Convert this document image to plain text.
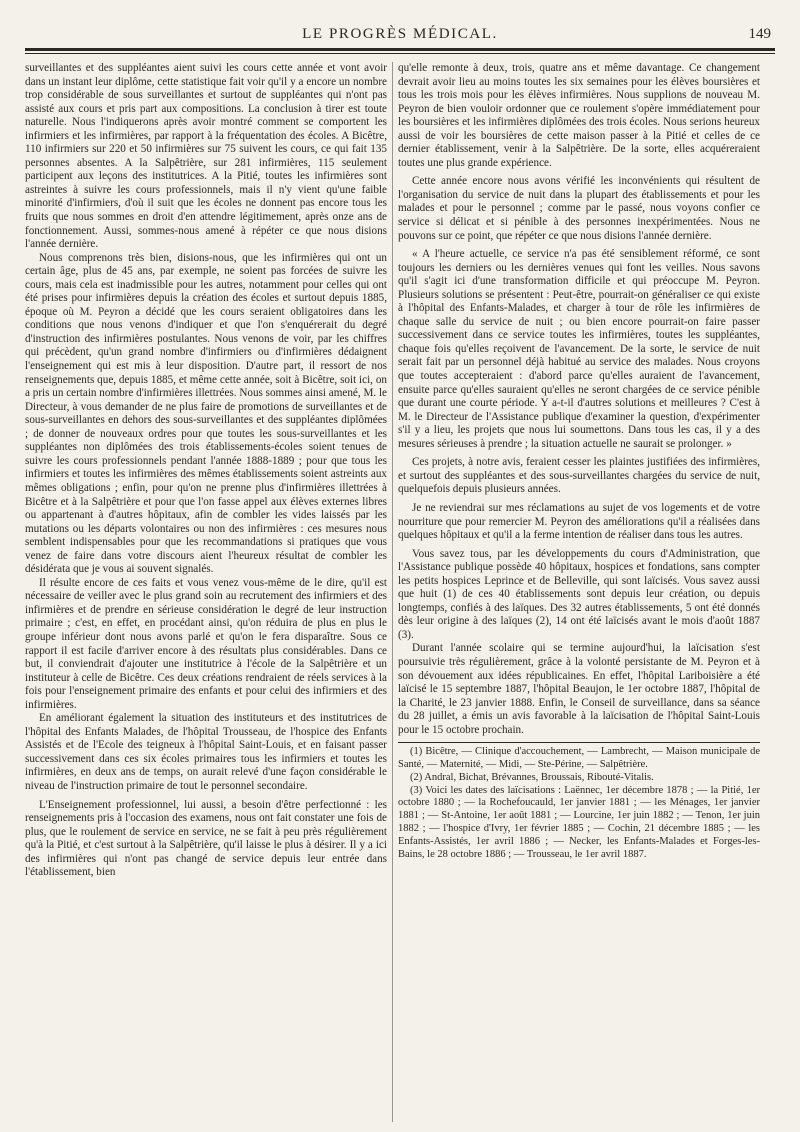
LE PROGRÈS MÉDICAL.	149

surveillantes et des suppléantes aient suivi les cours cette année et vont avoir dans un instant leur diplôme, cette statistique fait voir qu'il y a encore un nombre trop considérable de sous surveillantes et surtout de suppléantes qui n'ont pas assisté aux cours et pris part aux compositions. La conclusion à tirer est toute naturelle. Nous l'indiquerons après avoir montré comment se comportent les infirmiers et les infirmières, par rapport à la fréquentation des écoles. A Bicêtre, 110 infirmiers sur 220 et 50 infirmières sur 75 suivent les cours, ce qui fait 135 personnes absentes. A la Salpêtrière, sur 281 infirmières, 115 seulement participent aux leçons des institutrices. A la Pitié, toutes les infirmières sont astreintes à suivre les cours professionnels, mais il n'y vient qu'une faible minorité d'infirmiers, d'où il suit que les écoles ne donnent pas encore tous les fruits que nous sommes en droit d'en attendre légitimement, après onze ans de fonctionnement. Aussi, sommes-nous amené à répéter ce que nous disions l'année dernière.

Nous comprenons très bien, disions-nous, que les infirmières qui ont un certain âge, plus de 45 ans, par exemple, ne soient pas forcées de suivre les cours, mais cela est inadmissible pour les autres, notamment pour celles qui ont été prises pour infirmières depuis la création des écoles et surtout depuis 1885, époque où M. Peyron a décidé que les cours seraient obligatoires dans les conditions que nous venons d'indiquer et que l'on s'enquérerait du degré d'instruction des infirmières postulantes. Nous venons de voir, par les chiffres qui précèdent, qu'un grand nombre d'infirmiers ou d'infirmières dédaignent l'enseignement qui est mis à leur disposition. D'autre part, il ressort de nos renseignements que, depuis 1885, et même cette année, soit à Bicêtre, soit ici, on a pris un certain nombre d'infirmières illettrées. Nous sommes ainsi amené, M. le Directeur, à vous demander de ne plus faire de promotions de surveillantes et de sous-surveillantes en dehors des sous-surveillantes et des suppléantes diplômées ; de donner de nouveaux ordres pour que toutes les sous-surveillantes et les suppléantes non diplômées des trois établissements-écoles soient tenues de suivre les cours professionnels pendant l'année 1888-1889 ; pour que tous les infirmiers et toutes les infirmières des mêmes établissements soient astreints aux mêmes obligations ; enfin, pour qu'on ne prenne plus d'infirmières illettrées à Bicêtre et à la Salpêtrière et pour que l'on fasse appel aux élèves externes libres ou appartenant à d'autres hôpitaux, afin de combler les vides laissés par les mutations ou les départs volontaires ou non des infirmières : ces mesures nous semblent indispensables pour que les recommandations si pratiques que vous venez de faire dans votre discours aient l'heureux résultat de combler les désidérata que je vous ai souvent signalés.

Il résulte encore de ces faits et vous venez vous-même de le dire, qu'il est nécessaire de veiller avec le plus grand soin au recrutement des infirmiers et des infirmières et de prendre en sérieuse considération le degré de leur instruction primaire ; c'est, en effet, en procédant ainsi, qu'on réduira de plus en plus le groupe inférieur dont nous avons parlé et qu'on le fera disparaître. Sous ce rapport il est facile d'arriver encore à des résultats plus considérables. Dans ce but, il conviendrait d'ajouter une institutrice à l'école de la Salpêtrière et un instituteur à celle de Bicêtre. Ces deux créations rendraient de réels services à la fois pour l'enseignement primaire des enfants et pour celui des infirmiers et des infirmières.

En améliorant également la situation des instituteurs et des institutrices de l'hôpital des Enfants Malades, de l'hôpital Trousseau, de l'hospice des Enfants Assistés et de l'Ecole des teigneux à l'hôpital Saint-Louis, et en faisant passer successivement dans ces six écoles primaires tous les infirmiers et toutes les infirmières, en deux ans de temps, on aurait relevé d'une façon considérable le niveau de l'instruction primaire de tout le personnel secondaire.

L'Enseignement professionnel, lui aussi, a besoin d'être perfectionné : les renseignements pris à l'occasion des examens, nous ont fait constater une fois de plus, que le roulement de service en service, ne se fait à peu près régulièrement qu'à la Pitié, et c'est surtout à la Salpêtrière, qu'il laisse le plus à désirer. Il y a ici des infirmières qui n'ont pas changé de service depuis leur entrée dans l'établissement, bien

qu'elle remonte à deux, trois, quatre ans et même davantage. Ce changement devrait avoir lieu au moins toutes les six semaines pour les élèves boursières et tous les trois mois pour les élèves infirmières. Nous supplions de nouveau M. Peyron de bien vouloir ordonner que ce roulement s'opère immédiatement pour les boursières et les infirmières diplômées des trois écoles. Nous serions heureux aussi de voir les boursières de cette maison passer à la Pitié et celles de ce dernier établissement, venir à la Salpêtrière. De la sorte, elles acquéreraient toutes une plus grande expérience.

Cette année encore nous avons vérifié les inconvénients qui résultent de l'organisation du service de nuit dans la plupart des établissements et pour les malades et pour le personnel ; comme par le passé, nous voyons confier ce service si délicat et si pénible à des personnes inexpérimentées. Nous ne pouvons sur ce point, que répéter ce que nous disions l'année dernière.

« A l'heure actuelle, ce service n'a pas été sensiblement réformé, ce sont toujours les derniers ou les dernières venues qui font les veilles. Nous savons qu'il s'agit ici d'une transformation difficile et qui préoccupe M. Peyron. Plusieurs solutions se présentent : Peut-être, pourrait-on généraliser ce qui existe à l'hôpital des Enfants-Malades, et charger à tour de rôle les infirmières de chaque salle du service de nuit ; ou bien encore pourrait-on faire passer successivement dans ce service toutes les infirmières, toutes les suppléantes, chaque fois qu'elles reçoivent de l'avancement. De la sorte, le service de nuit serait fait par un personnel déjà habitué au service des malades. Nous croyons que toutes accepteraient : d'abord parce qu'elles auraient de l'avancement, ensuite parce qu'elles sauraient qu'elles ne seront chargées de ce service pénible que durant une courte période. Y a-t-il d'autres solutions et meilleures ? C'est à M. le Directeur de l'Assistance publique d'examiner la question, d'expérimenter s'il y a lieu, les projets que nous lui soumettons. Dans tous les cas, il y a des mesures sérieuses à prendre ; la situation actuelle ne saurait se prolonger. »

Ces projets, à notre avis, feraient cesser les plaintes justifiées des infirmières, et surtout des suppléantes et des sous-surveillantes chargées du service de nuit, quelquefois depuis plusieurs années.

Je ne reviendrai sur mes réclamations au sujet de vos logements et de votre nourriture que pour remercier M. Peyron des améliorations qu'il a réalisées dans quelques hôpitaux et qu'il a la ferme intention de réaliser dans tous les autres.

Vous savez tous, par les développements du cours d'Administration, que l'Assistance publique possède 40 hôpitaux, hospices et fondations, sans compter les petits hospices Leprince et de Belleville, qui sont laïcisés. Vous savez aussi que huit (1) de ces 40 établissements sont depuis leur création, ou depuis longtemps, confiés à des laïques. Des 32 autres établissements, 5 ont été donnés dès leur origine à des laïques (2), 14 ont été laïcisés avant le mois d'août 1887 (3).

Durant l'année scolaire qui se termine aujourd'hui, la laïcisation s'est poursuivie très régulièrement, grâce à la volonté persistante de M. Peyron et à son dévouement aux idées républicaines. En effet, l'hôpital Lariboisière a été laïcisé le 15 septembre 1887, l'hôpital Beaujon, le 1er octobre 1887, l'hôpital de la Charité, le 23 janvier 1888. Enfin, le Conseil de surveillance, dans sa séance du 28 juillet, a émis un avis favorable à la laïcisation de l'hôpital Saint-Louis pour le 15 octobre prochain.

(1) Bicêtre, — Clinique d'accouchement, — Lambrecht, — Maison municipale de Santé, — Maternité, — Midi, — Ste-Périne, — Salpêtrière.

(2) Andral, Bichat, Brévannes, Broussais, Ribouté-Vitalis.

(3) Voici les dates des laïcisations : Laënnec, 1er décembre 1878 ; — la Pitié, 1er octobre 1880 ; — la Rochefoucauld, 1er janvier 1881 ; — les Ménages, 1er janvier 1881 ; — St-Antoine, 1er août 1881 ; — Lourcine, 1er juin 1882 ; — Tenon, 1er juin 1882 ; — l'hospice d'Ivry, 1er février 1885 ; — Cochin, 21 décembre 1885 ; — les Enfants-Assistés, 1er avril 1886 ; — Necker, les Enfants-Malades et Forges-les-Bains, le 28 octobre 1886 ; — Trousseau, le 1er avril 1887.
